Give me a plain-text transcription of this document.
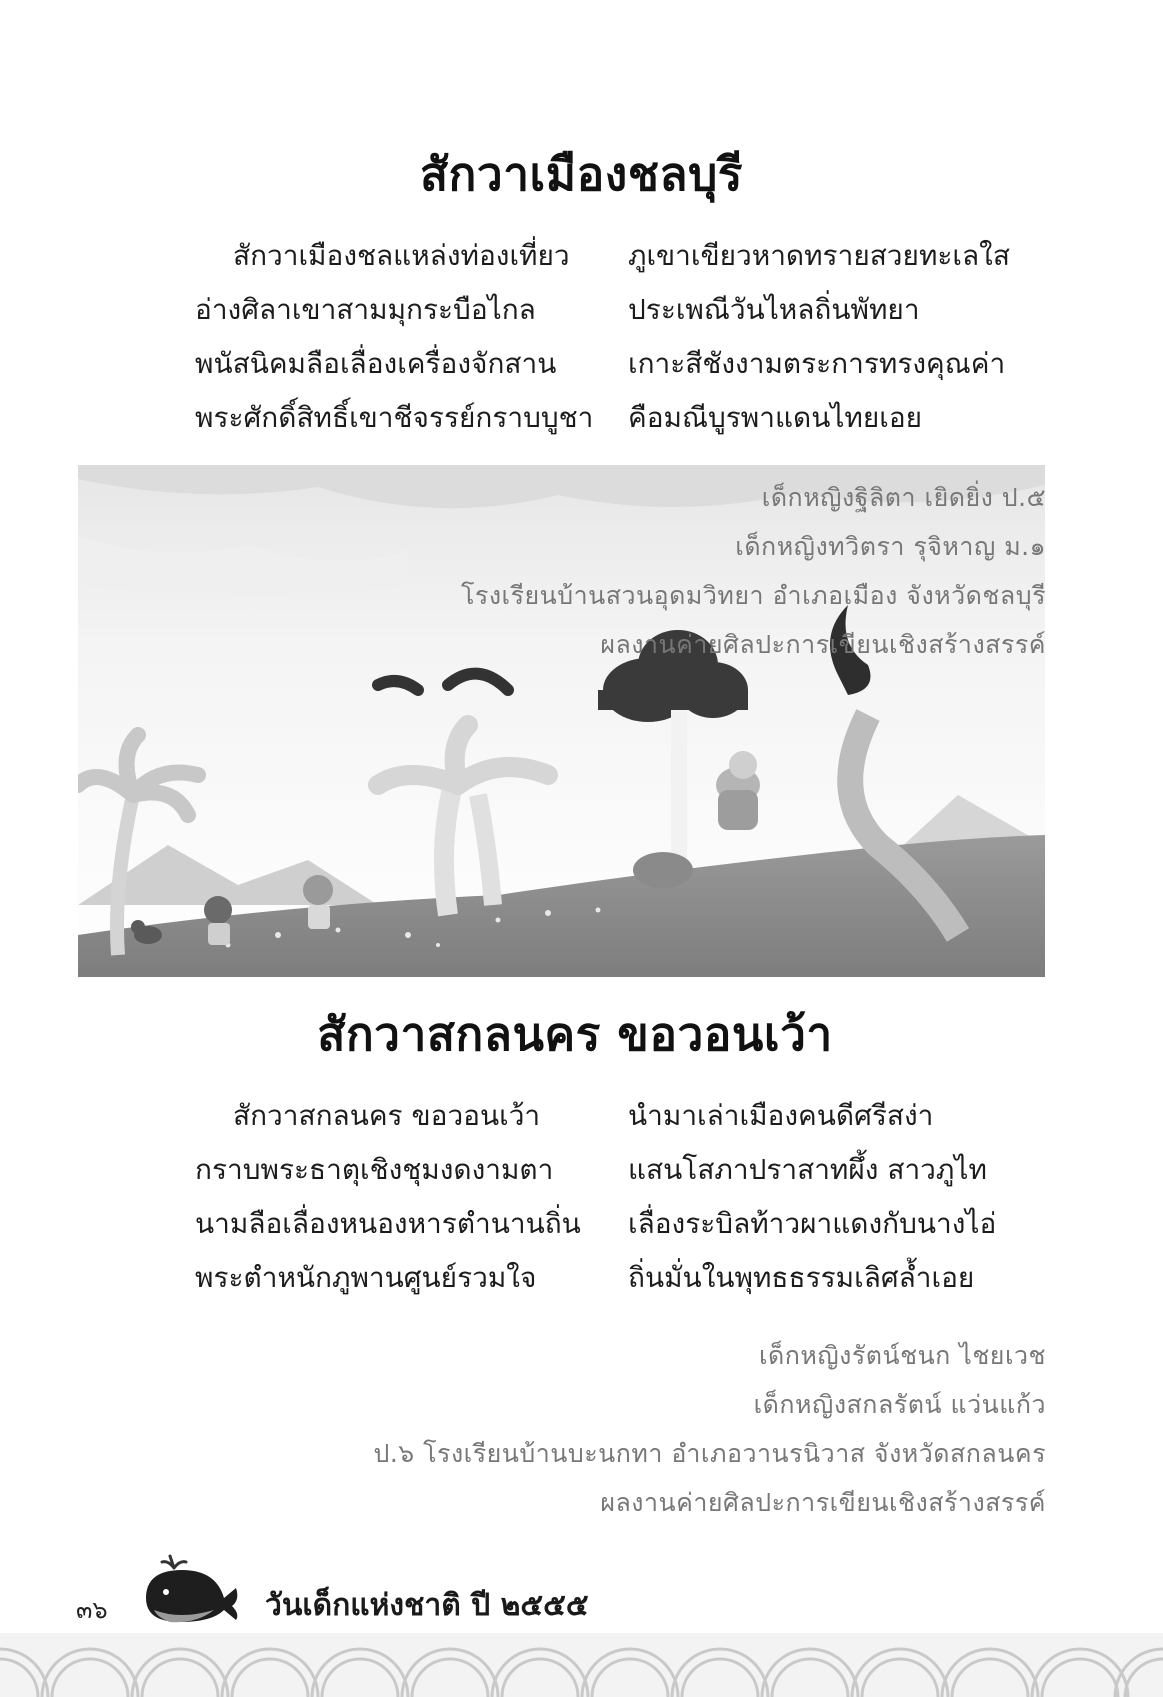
สักวาเมืองชลบุรี
สักวาเมืองชลแหล่งท่องเที่ยว ภูเขาเขียวหาดทรายสวยทะเลใส
อ่างศิลาเขาสามมุกระบือไกล	ประเพณีวันไหลถิ่นพัทยา
พนัสนิคมลือเลื่องเครื่องจักสาน	เกาะสีชังงามตระการทรงคุณค่า
พระศักดิ์สิทธิ์เขาชีจรรย์กราบบูชา คือมณีบูรพาแดนไทยเอย
เด็กหญิงฐิลิตา เยิดยิ่ง ป.๕
เด็กหญิงทวิตรา รุจิหาญ ม.๑
โรงเรียนบ้านสวนอุดมวิทยา อำเภอเมือง จังหวัดชลบุรี
ผลงานค่ายศิลปะการเขียนเชิงสร้างสรรค์
สักวาสกลนคร ขอวอนเว้า
สักวาสกลนคร ขอวอนเว้า	นำมาเล่าเมืองคนดีศรีสง่า
กราบพระธาตุเชิงชุมงดงามตา	แสนโสภาปราสาทผึ้ง สาวภูไท
นามลือเลื่องหนองหารตำนานถิ่น เลื่องระบิลท้าวผาแดงกับนางไอ่
พระตำหนักภูพานศูนย์รวมใจ	ถิ่นมั่นในพุทธธรรมเลิศล้ำเอย
เด็กหญิงรัตน์ชนก ไชยเวช
เด็กหญิงสกลรัตน์ แว่นแก้ว
ป.๖ โรงเรียนบ้านบะนกทา อำเภอวานรนิวาส จังหวัดสกลนคร
ผลงานค่ายศิลปะการเขียนเชิงสร้างสรรค์
๓๖	วันเด็กแห่งชาติ ปี ๒๕๕๕
